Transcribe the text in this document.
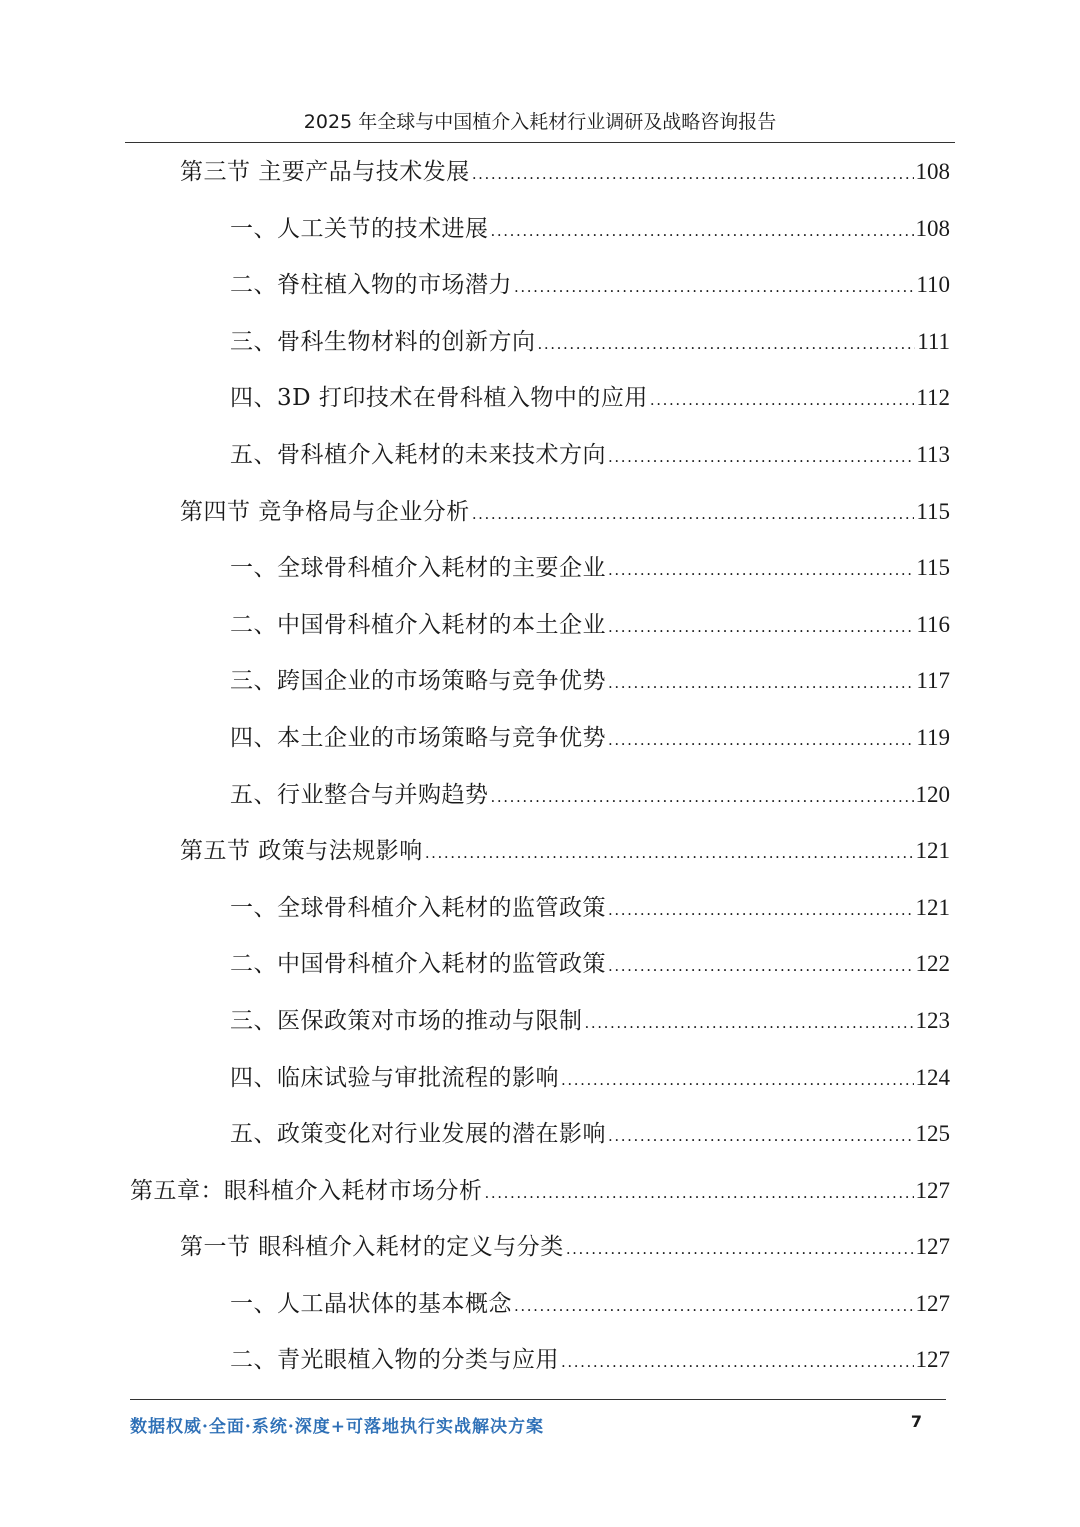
2025 年全球与中国植介入耗材行业调研及战略咨询报告
第三节 主要产品与技术发展 .....	108
一、人工关节的技术进展 .....	108
二、脊柱植入物的市场潜力 .....	110
三、骨科生物材料的创新方向 .....	111
四、3D 打印技术在骨科植入物中的应用 .....	112
五、骨科植介入耗材的未来技术方向 .....	113
第四节 竞争格局与企业分析 .....	115
一、全球骨科植介入耗材的主要企业 .....	115
二、中国骨科植介入耗材的本土企业 .....	116
三、跨国企业的市场策略与竞争优势 .....	117
四、本土企业的市场策略与竞争优势 .....	119
五、行业整合与并购趋势 .....	120
第五节 政策与法规影响 .....	121
一、全球骨科植介入耗材的监管政策 .....	121
二、中国骨科植介入耗材的监管政策 .....	122
三、医保政策对市场的推动与限制 .....	123
四、临床试验与审批流程的影响 .....	124
五、政策变化对行业发展的潜在影响 .....	125
第五章：眼科植介入耗材市场分析 .....	127
第一节 眼科植介入耗材的定义与分类 .....	127
一、人工晶状体的基本概念 .....	127
二、青光眼植入物的分类与应用 .....	127
数据权威·全面·系统·深度+可落地执行实战解决方案	7
